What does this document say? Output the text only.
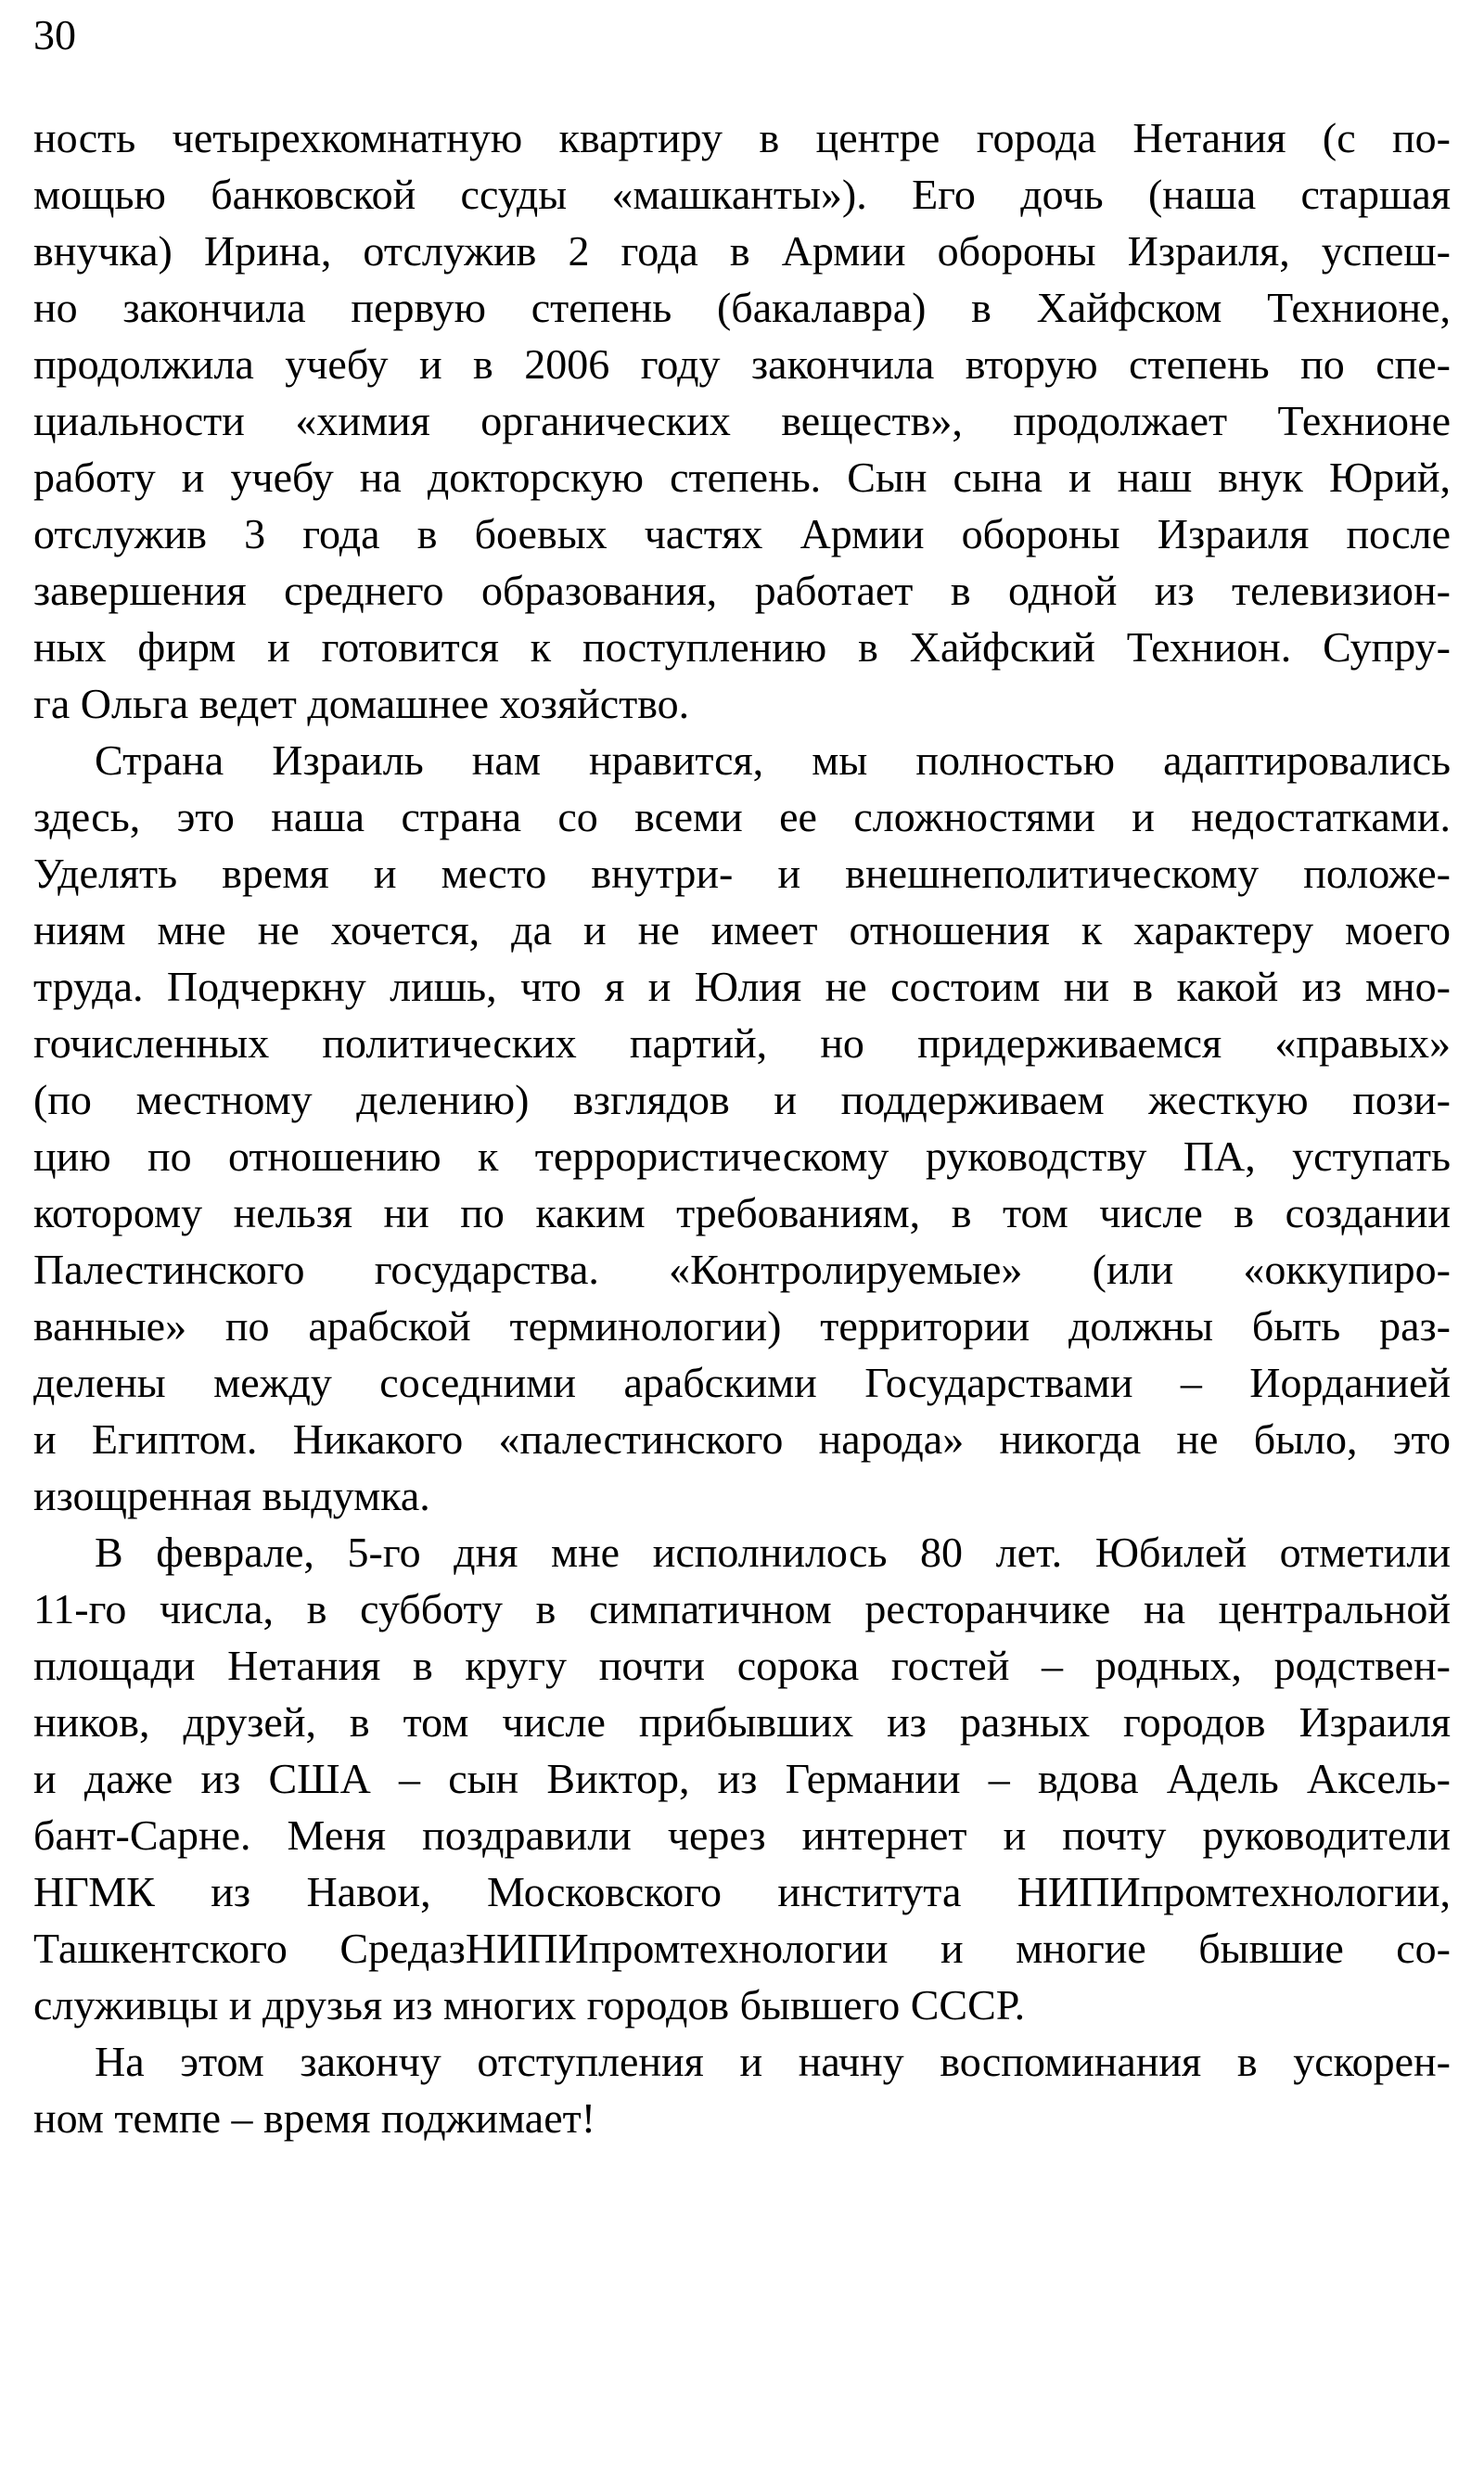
30
ность четырехкомнатную квартиру в центре города Нетания (с по-
мощью банковской ссуды «машканты»). Его дочь (наша старшая
внучка) Ирина, отслужив 2 года в Армии обороны Израиля, успеш-
но закончила первую степень (бакалавра) в Хайфском Технионе,
продолжила учебу и в 2006 году закончила вторую степень по спе-
циальности «химия органических веществ», продолжает Технионе
работу и учебу на докторскую степень. Сын сына и наш внук Юрий,
отслужив 3 года в боевых частях Армии обороны Израиля после
завершения среднего образования, работает в одной из телевизион-
ных фирм и готовится к поступлению в Хайфский Технион. Супру-
га Ольга ведет домашнее хозяйство.
Страна Израиль нам нравится, мы полностью адаптировались
здесь, это наша страна со всеми ее сложностями и недостатками.
Уделять время и место внутри- и внешнеполитическому положе-
ниям мне не хочется, да и не имеет отношения к характеру моего
труда. Подчеркну лишь, что я и Юлия не состоим ни в какой из мно-
гочисленных политических партий, но придерживаемся «правых»
(по местному делению) взглядов и поддерживаем жесткую пози-
цию по отношению к террористическому руководству ПА, уступать
которому нельзя ни по каким требованиям, в том числе в создании
Палестинского государства. «Контролируемые» (или «оккупиро-
ванные» по арабской терминологии) территории должны быть раз-
делены между соседними арабскими Государствами – Иорданией
и Египтом. Никакого «палестинского народа» никогда не было, это
изощренная выдумка.
В феврале, 5-го дня мне исполнилось 80 лет. Юбилей отметили
11-го числа, в субботу в симпатичном ресторанчике на центральной
площади Нетания в кругу почти сорока гостей – родных, родствен-
ников, друзей, в том числе прибывших из разных городов Израиля
и даже из США – сын Виктор, из Германии – вдова Адель Аксель-
бант-Сарне. Меня поздравили через интернет и почту руководители
НГМК из Навои, Московского института НИПИпромтехнологии,
Ташкентского СредазНИПИпромтехнологии и многие бывшие со-
служивцы и друзья из многих городов бывшего СССР.
На этом закончу отступления и начну воспоминания в ускорен-
ном темпе – время поджимает!
